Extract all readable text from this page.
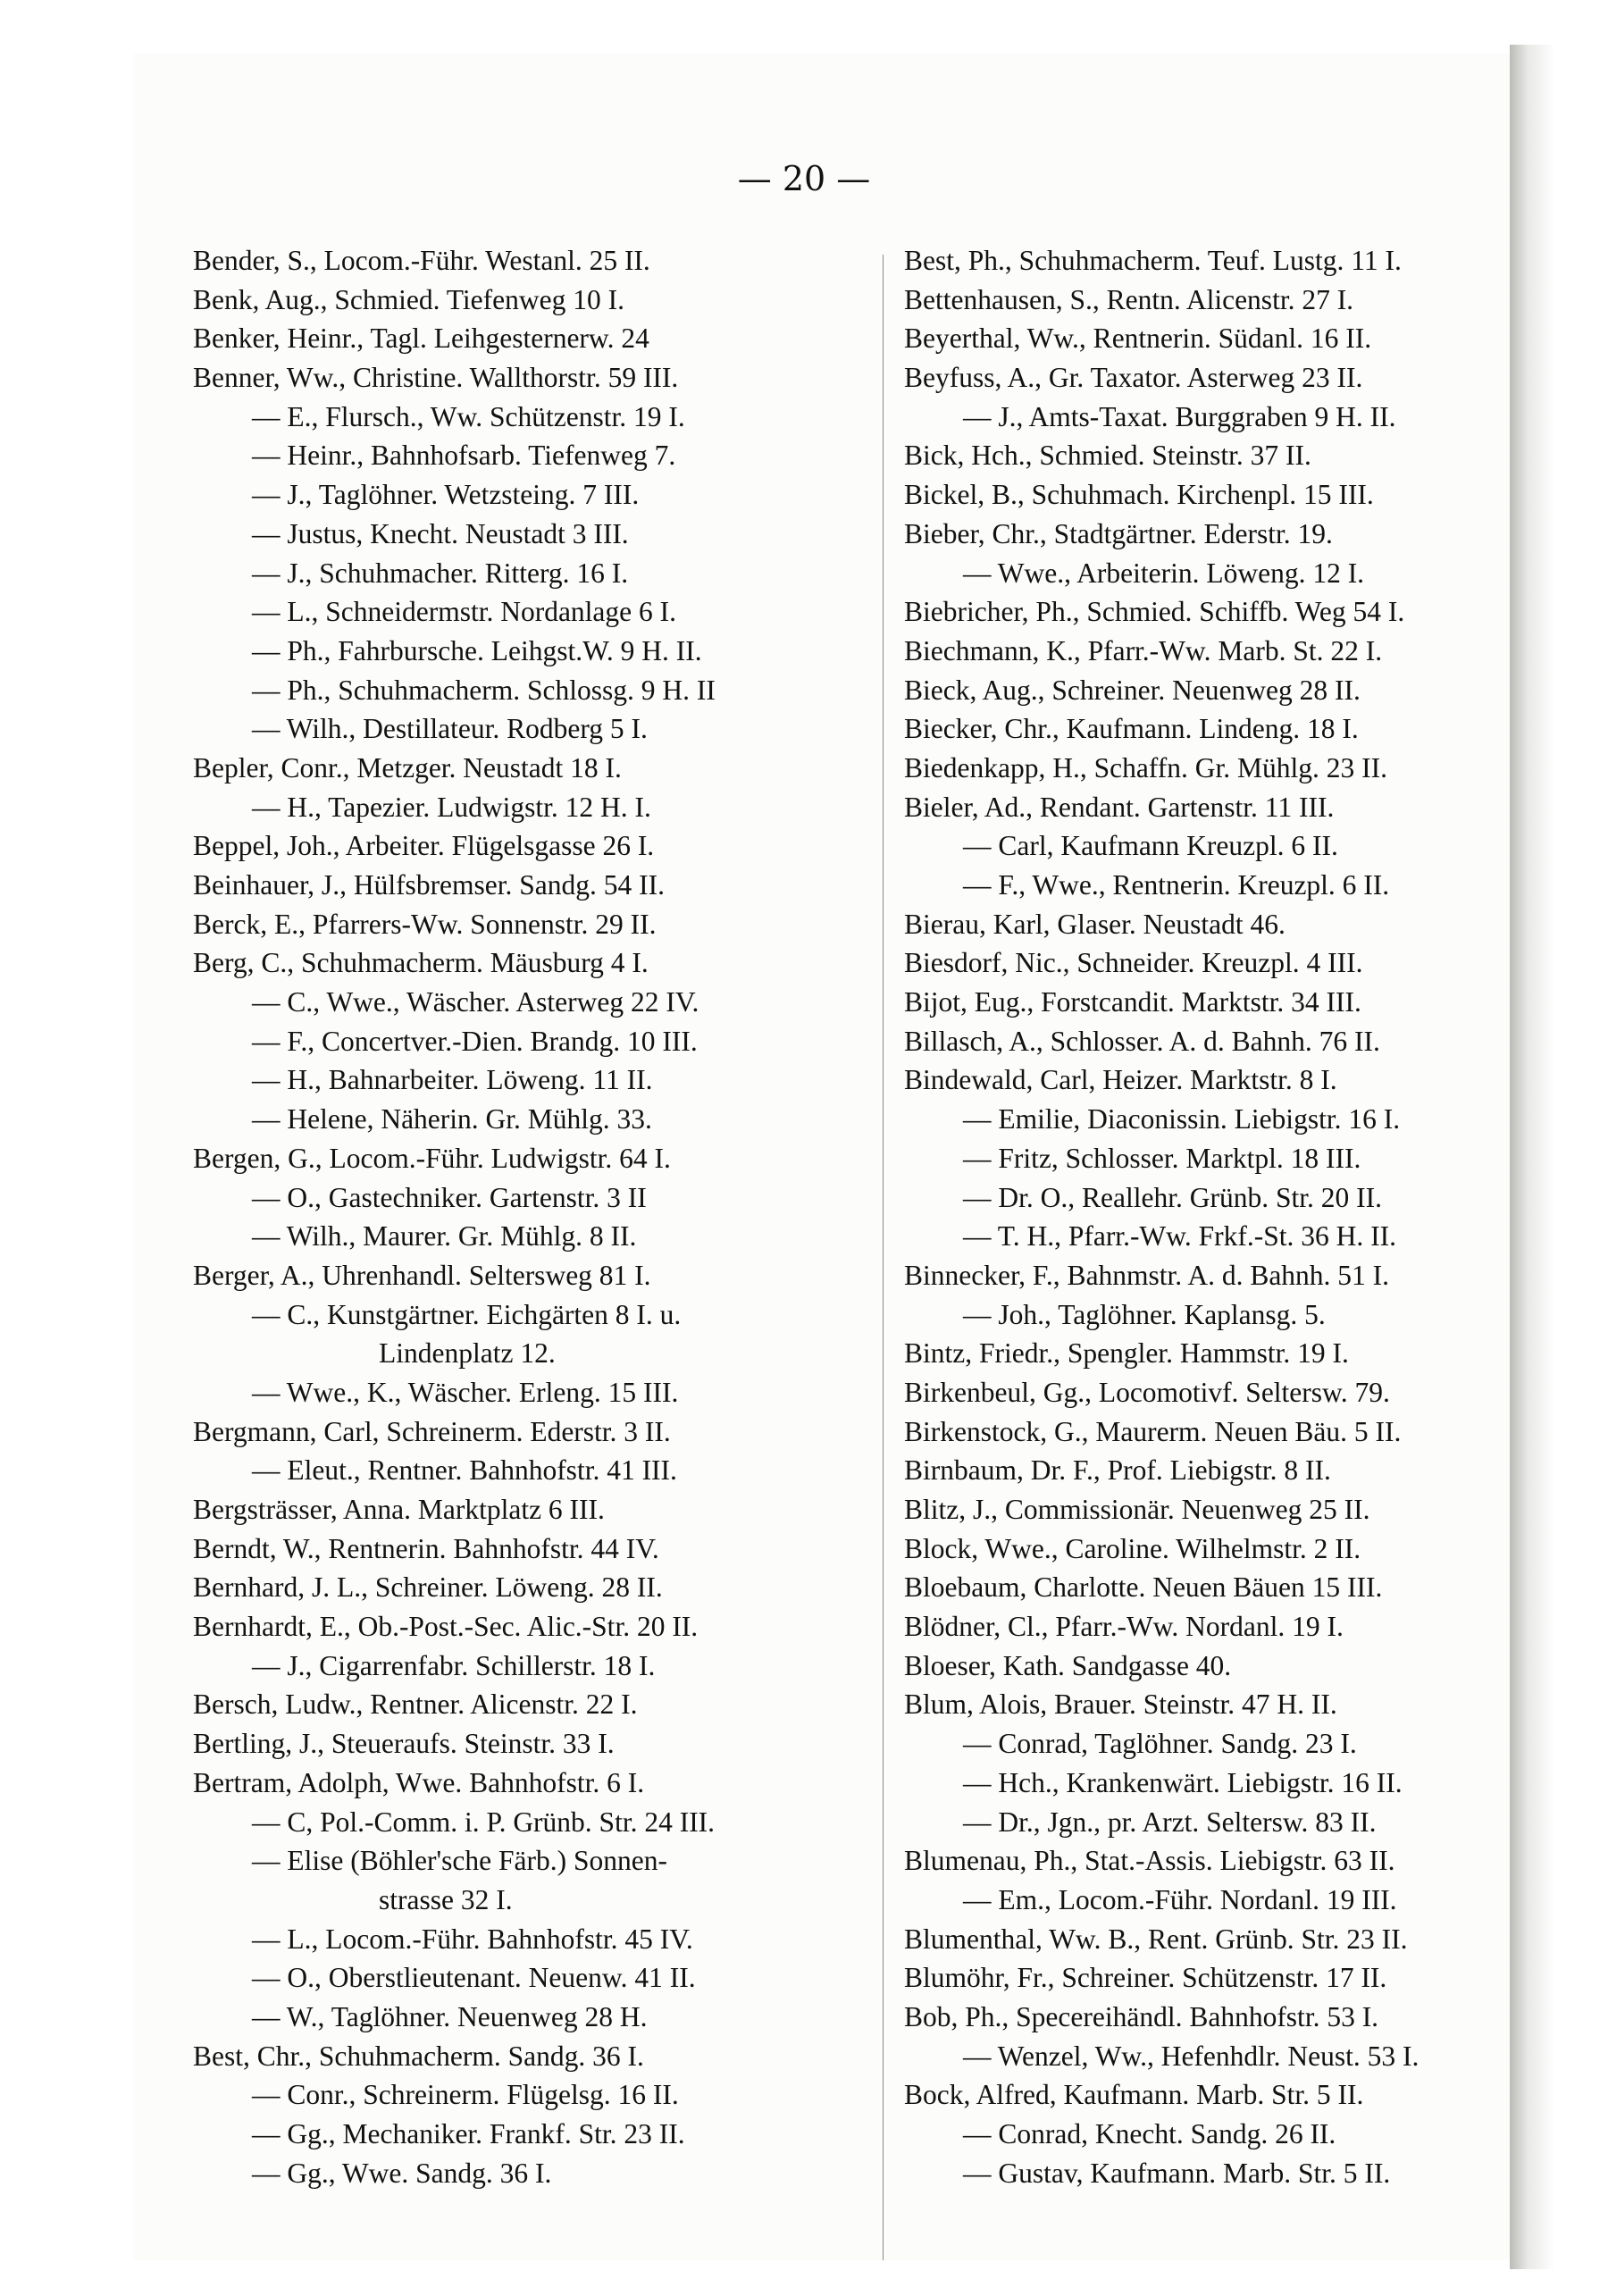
— 20 —
Bender, S., Locom.-Führ. Westanl. 25 II.
Benk, Aug., Schmied. Tiefenweg 10 I.
Benker, Heinr., Tagl. Leihgesternerw. 24
Benner, Ww., Christine. Wallthorstr. 59 III.
— E., Flursch., Ww. Schützenstr. 19 I.
— Heinr., Bahnhofsarb. Tiefenweg 7.
— J., Taglöhner. Wetzsteing. 7 III.
— Justus, Knecht. Neustadt 3 III.
— J., Schuhmacher. Ritterg. 16 I.
— L., Schneidermstr. Nordanlage 6 I.
— Ph., Fahrbursche. Leihgst.W. 9 H. II.
— Ph., Schuhmacherm. Schlossg. 9 H. II
— Wilh., Destillateur. Rodberg 5 I.
Bepler, Conr., Metzger. Neustadt 18 I.
— H., Tapezier. Ludwigstr. 12 H. I.
Beppel, Joh., Arbeiter. Flügelsgasse 26 I.
Beinhauer, J., Hülfsbremser. Sandg. 54 II.
Berck, E., Pfarrers-Ww. Sonnenstr. 29 II.
Berg, C., Schuhmacherm. Mäusburg 4 I.
— C., Wwe., Wäscher. Asterweg 22 IV.
— F., Concertver.-Dien. Brandg. 10 III.
— H., Bahnarbeiter. Löweng. 11 II.
— Helene, Näherin. Gr. Mühlg. 33.
Bergen, G., Locom.-Führ. Ludwigstr. 64 I.
— O., Gastechniker. Gartenstr. 3 II
— Wilh., Maurer. Gr. Mühlg. 8 II.
Berger, A., Uhrenhandl. Seltersweg 81 I.
— C., Kunstgärtner. Eichgärten 8 I. u.
Lindenplatz 12.
— Wwe., K., Wäscher. Erleng. 15 III.
Bergmann, Carl, Schreinerm. Ederstr. 3 II.
— Eleut., Rentner. Bahnhofstr. 41 III.
Bergsträsser, Anna. Marktplatz 6 III.
Berndt, W., Rentnerin. Bahnhofstr. 44 IV.
Bernhard, J. L., Schreiner. Löweng. 28 II.
Bernhardt, E., Ob.-Post.-Sec. Alic.-Str. 20 II.
— J., Cigarrenfabr. Schillerstr. 18 I.
Bersch, Ludw., Rentner. Alicenstr. 22 I.
Bertling, J., Steueraufs. Steinstr. 33 I.
Bertram, Adolph, Wwe. Bahnhofstr. 6 I.
— C, Pol.-Comm. i. P. Grünb. Str. 24 III.
— Elise (Böhler'sche Färb.) Sonnen-
strasse 32 I.
— L., Locom.-Führ. Bahnhofstr. 45 IV.
— O., Oberstlieutenant. Neuenw. 41 II.
— W., Taglöhner. Neuenweg 28 H.
Best, Chr., Schuhmacherm. Sandg. 36 I.
— Conr., Schreinerm. Flügelsg. 16 II.
— Gg., Mechaniker. Frankf. Str. 23 II.
— Gg., Wwe. Sandg. 36 I.
Best, Ph., Schuhmacherm. Teuf. Lustg. 11 I.
Bettenhausen, S., Rentn. Alicenstr. 27 I.
Beyerthal, Ww., Rentnerin. Südanl. 16 II.
Beyfuss, A., Gr. Taxator. Asterweg 23 II.
— J., Amts-Taxat. Burggraben 9 H. II.
Bick, Hch., Schmied. Steinstr. 37 II.
Bickel, B., Schuhmach. Kirchenpl. 15 III.
Bieber, Chr., Stadtgärtner. Ederstr. 19.
— Wwe., Arbeiterin. Löweng. 12 I.
Biebricher, Ph., Schmied. Schiffb. Weg 54 I.
Biechmann, K., Pfarr.-Ww. Marb. St. 22 I.
Bieck, Aug., Schreiner. Neuenweg 28 II.
Biecker, Chr., Kaufmann. Lindeng. 18 I.
Biedenkapp, H., Schaffn. Gr. Mühlg. 23 II.
Bieler, Ad., Rendant. Gartenstr. 11 III.
— Carl, Kaufmann Kreuzpl. 6 II.
— F., Wwe., Rentnerin. Kreuzpl. 6 II.
Bierau, Karl, Glaser. Neustadt 46.
Biesdorf, Nic., Schneider. Kreuzpl. 4 III.
Bijot, Eug., Forstcandit. Marktstr. 34 III.
Billasch, A., Schlosser. A. d. Bahnh. 76 II.
Bindewald, Carl, Heizer. Marktstr. 8 I.
— Emilie, Diaconissin. Liebigstr. 16 I.
— Fritz, Schlosser. Marktpl. 18 III.
— Dr. O., Reallehr. Grünb. Str. 20 II.
— T. H., Pfarr.-Ww. Frkf.-St. 36 H. II.
Binnecker, F., Bahnmstr. A. d. Bahnh. 51 I.
— Joh., Taglöhner. Kaplansg. 5.
Bintz, Friedr., Spengler. Hammstr. 19 I.
Birkenbeul, Gg., Locomotivf. Seltersw. 79.
Birkenstock, G., Maurerm. Neuen Bäu. 5 II.
Birnbaum, Dr. F., Prof. Liebigstr. 8 II.
Blitz, J., Commissionär. Neuenweg 25 II.
Block, Wwe., Caroline. Wilhelmstr. 2 II.
Bloebaum, Charlotte. Neuen Bäuen 15 III.
Blödner, Cl., Pfarr.-Ww. Nordanl. 19 I.
Bloeser, Kath. Sandgasse 40.
Blum, Alois, Brauer. Steinstr. 47 H. II.
— Conrad, Taglöhner. Sandg. 23 I.
— Hch., Krankenwärt. Liebigstr. 16 II.
— Dr., Jgn., pr. Arzt. Seltersw. 83 II.
Blumenau, Ph., Stat.-Assis. Liebigstr. 63 II.
— Em., Locom.-Führ. Nordanl. 19 III.
Blumenthal, Ww. B., Rent. Grünb. Str. 23 II.
Blumöhr, Fr., Schreiner. Schützenstr. 17 II.
Bob, Ph., Specereihändl. Bahnhofstr. 53 I.
— Wenzel, Ww., Hefenhdlr. Neust. 53 I.
Bock, Alfred, Kaufmann. Marb. Str. 5 II.
— Conrad, Knecht. Sandg. 26 II.
— Gustav, Kaufmann. Marb. Str. 5 II.
